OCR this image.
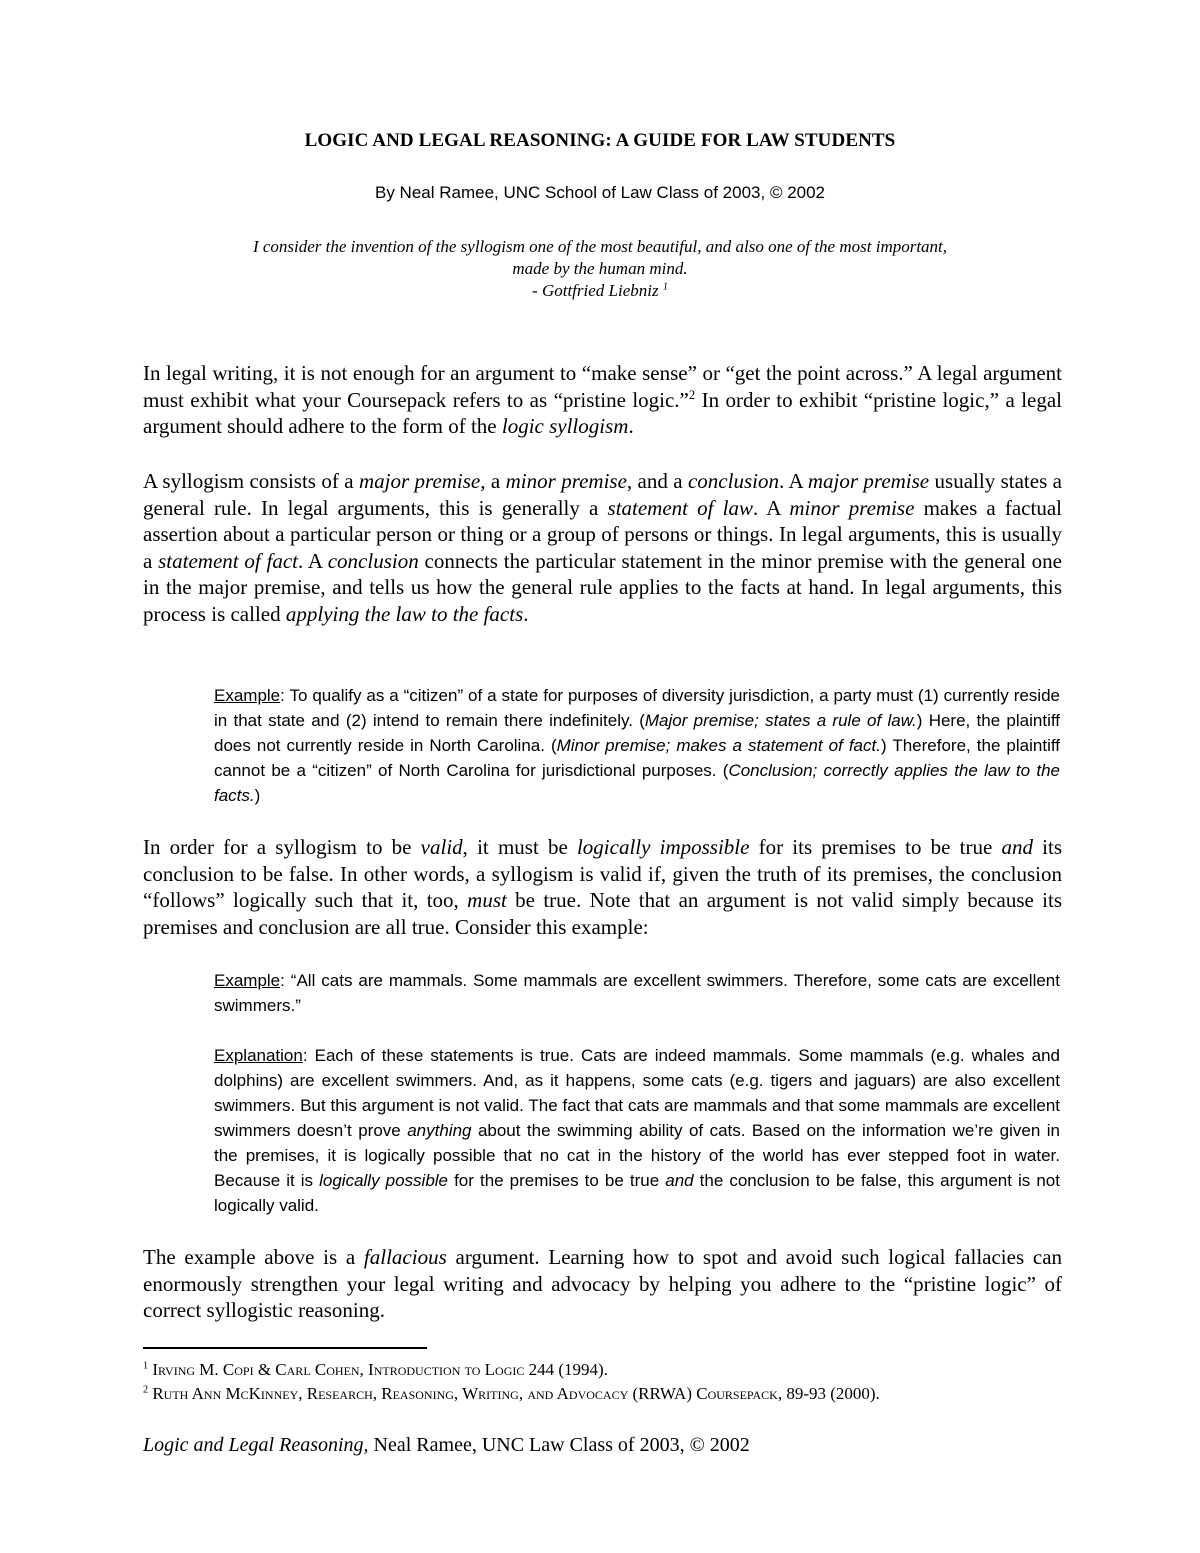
LOGIC AND LEGAL REASONING: A GUIDE FOR LAW STUDENTS
By Neal Ramee, UNC School of Law Class of 2003, © 2002
I consider the invention of the syllogism one of the most beautiful, and also one of the most important,
made by the human mind.
- Gottfried Liebniz $^1$
In legal writing, it is not enough for an argument to “make sense” or “get the point across.” A legal argument must exhibit what your Coursepack refers to as “pristine logic.”$^2$ In order to exhibit “pristine logic,” a legal argument should adhere to the form of the logic syllogism.
A syllogism consists of a major premise, a minor premise, and a conclusion. A major premise usually states a general rule. In legal arguments, this is generally a statement of law. A minor premise makes a factual assertion about a particular person or thing or a group of persons or things. In legal arguments, this is usually a statement of fact. A conclusion connects the particular statement in the minor premise with the general one in the major premise, and tells us how the general rule applies to the facts at hand. In legal arguments, this process is called applying the law to the facts.
Example: To qualify as a “citizen” of a state for purposes of diversity jurisdiction, a party must (1) currently reside in that state and (2) intend to remain there indefinitely. (Major premise; states a rule of law.) Here, the plaintiff does not currently reside in North Carolina. (Minor premise; makes a statement of fact.) Therefore, the plaintiff cannot be a “citizen” of North Carolina for jurisdictional purposes. (Conclusion; correctly applies the law to the facts.)
In order for a syllogism to be valid, it must be logically impossible for its premises to be true and its conclusion to be false. In other words, a syllogism is valid if, given the truth of its premises, the conclusion “follows” logically such that it, too, must be true. Note that an argument is not valid simply because its premises and conclusion are all true. Consider this example:
Example: “All cats are mammals. Some mammals are excellent swimmers. Therefore, some cats are excellent swimmers.”
Explanation: Each of these statements is true. Cats are indeed mammals. Some mammals (e.g. whales and dolphins) are excellent swimmers. And, as it happens, some cats (e.g. tigers and jaguars) are also excellent swimmers. But this argument is not valid. The fact that cats are mammals and that some mammals are excellent swimmers doesn’t prove anything about the swimming ability of cats. Based on the information we’re given in the premises, it is logically possible that no cat in the history of the world has ever stepped foot in water. Because it is logically possible for the premises to be true and the conclusion to be false, this argument is not logically valid.
The example above is a fallacious argument. Learning how to spot and avoid such logical fallacies can enormously strengthen your legal writing and advocacy by helping you adhere to the “pristine logic” of correct syllogistic reasoning.
$^1$ Irving M. Copi & Carl Cohen, Introduction to Logic 244 (1994).
$^2$ Ruth Ann McKinney, Research, Reasoning, Writing, and Advocacy (RRWA) Coursepack, 89-93 (2000).
Logic and Legal Reasoning, Neal Ramee, UNC Law Class of 2003, © 2002
